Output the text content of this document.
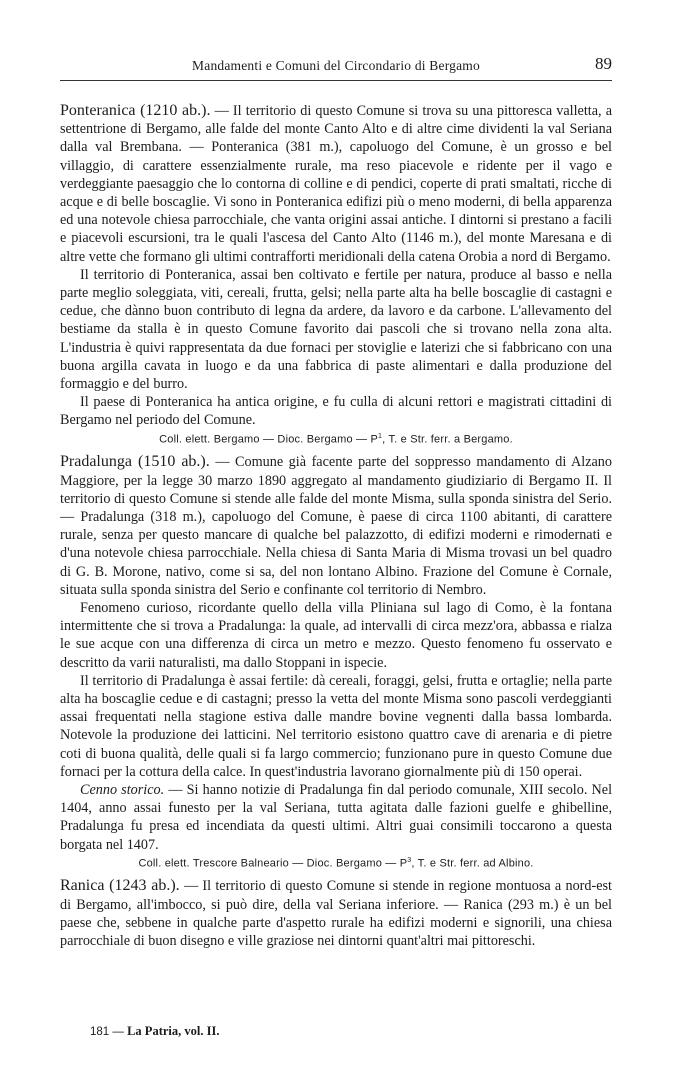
Mandamenti e Comuni del Circondario di Bergamo	89

Ponteranica (1210 ab.). — Il territorio di questo Comune si trova su una pittoresca valletta, a settentrione di Bergamo, alle falde del monte Canto Alto e di altre cime dividenti la val Seriana dalla val Brembana. — Ponteranica (381 m.), capoluogo del Comune, è un grosso e bel villaggio, di carattere essenzialmente rurale, ma reso piacevole e ridente per il vago e verdeggiante paesaggio che lo contorna di colline e di pendici, coperte di prati smaltati, ricche di acque e di belle boscaglie. Vi sono in Ponteranica edifizi più o meno moderni, di bella apparenza ed una notevole chiesa parrocchiale, che vanta origini assai antiche. I dintorni si prestano a facili e piacevoli escursioni, tra le quali l'ascesa del Canto Alto (1146 m.), del monte Maresana e di altre vette che formano gli ultimi contrafforti meridionali della catena Orobia a nord di Bergamo.

Il territorio di Ponteranica, assai ben coltivato e fertile per natura, produce al basso e nella parte meglio soleggiata, viti, cereali, frutta, gelsi; nella parte alta ha belle boscaglie di castagni e cedue, che dànno buon contributo di legna da ardere, da lavoro e da carbone. L'allevamento del bestiame da stalla è in questo Comune favorito dai pascoli che si trovano nella zona alta. L'industria è quivi rappresentata da due fornaci per stoviglie e laterizi che si fabbricano con una buona argilla cavata in luogo e da una fabbrica di paste alimentari e dalla produzione del formaggio e del burro.

Il paese di Ponteranica ha antica origine, e fu culla di alcuni rettori e magistrati cittadini di Bergamo nel periodo del Comune.

Coll. elett. Bergamo — Dioc. Bergamo — $P^1$, T. e Str. ferr. a Bergamo.

Pradalunga (1510 ab.). — Comune già facente parte del soppresso mandamento di Alzano Maggiore, per la legge 30 marzo 1890 aggregato al mandamento giudiziario di Bergamo II. Il territorio di questo Comune si stende alle falde del monte Misma, sulla sponda sinistra del Serio. — Pradalunga (318 m.), capoluogo del Comune, è paese di circa 1100 abitanti, di carattere rurale, senza per questo mancare di qualche bel palazzotto, di edifizi moderni e rimodernati e d'una notevole chiesa parrocchiale. Nella chiesa di Santa Maria di Misma trovasi un bel quadro di G. B. Morone, nativo, come si sa, del non lontano Albino. Frazione del Comune è Cornale, situata sulla sponda sinistra del Serio e confinante col territorio di Nembro.

Fenomeno curioso, ricordante quello della villa Pliniana sul lago di Como, è la fontana intermittente che si trova a Pradalunga: la quale, ad intervalli di circa mezz'ora, abbassa e rialza le sue acque con una differenza di circa un metro e mezzo. Questo fenomeno fu osservato e descritto da varii naturalisti, ma dallo Stoppani in ispecie.

Il territorio di Pradalunga è assai fertile: dà cereali, foraggi, gelsi, frutta e ortaglie; nella parte alta ha boscaglie cedue e di castagni; presso la vetta del monte Misma sono pascoli verdeggianti assai frequentati nella stagione estiva dalle mandre bovine vegnenti dalla bassa lombarda. Notevole la produzione dei latticini. Nel territorio esistono quattro cave di arenaria e di pietre coti di buona qualità, delle quali si fa largo commercio; funzionano pure in questo Comune due fornaci per la cottura della calce. In quest'industria lavorano giornalmente più di 150 operai.

Cenno storico. — Si hanno notizie di Pradalunga fin dal periodo comunale, XIII secolo. Nel 1404, anno assai funesto per la val Seriana, tutta agitata dalle fazioni guelfe e ghibelline, Pradalunga fu presa ed incendiata da questi ultimi. Altri guai consimili toccarono a questa borgata nel 1407.

Coll. elett. Trescore Balneario — Dioc. Bergamo — $P^3$, T. e Str. ferr. ad Albino.

Ranica (1243 ab.). — Il territorio di questo Comune si stende in regione montuosa a nord-est di Bergamo, all'imbocco, si può dire, della val Seriana inferiore. — Ranica (293 m.) è un bel paese che, sebbene in qualche parte d'aspetto rurale ha edifizi moderni e signorili, una chiesa parrocchiale di buon disegno e ville graziose nei dintorni quant'altri mai pittoreschi.

181 — La Patria, vol. II.
